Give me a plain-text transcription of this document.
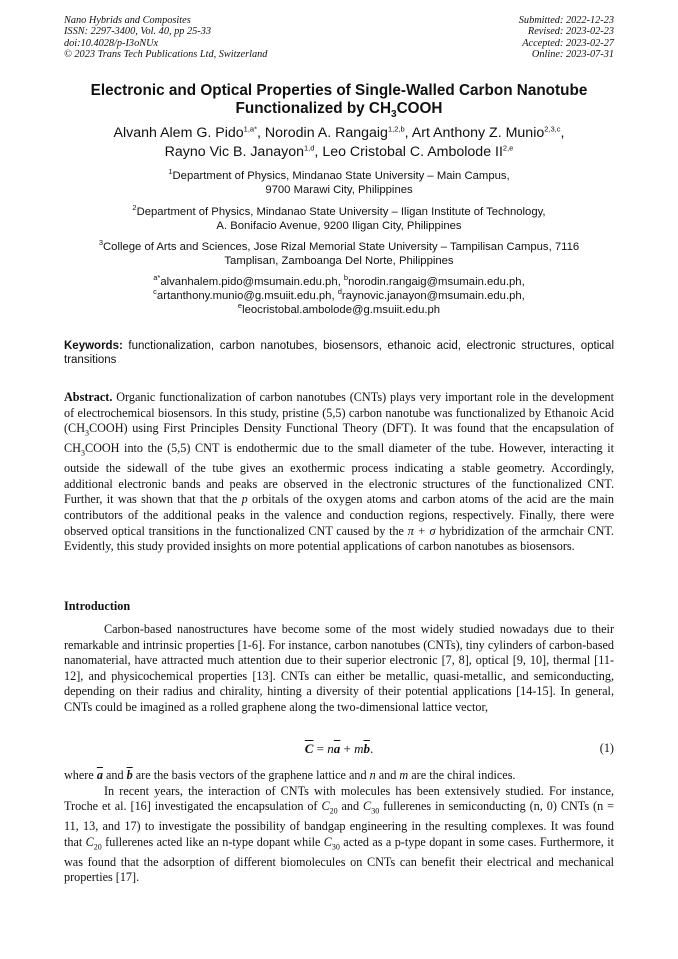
Nano Hybrids and Composites
ISSN: 2297-3400, Vol. 40, pp 25-33
doi:10.4028/p-I3oNUx
© 2023 Trans Tech Publications Ltd, Switzerland
Submitted: 2022-12-23
Revised: 2023-02-23
Accepted: 2023-02-27
Online: 2023-07-31
Electronic and Optical Properties of Single-Walled Carbon Nanotube
Functionalized by $CH_3COOH$
Alvanh Alem G. Pido$^{1,a*}$, Norodin A. Rangaig$^{1,2,b}$, Art Anthony Z. Munio$^{2,3,c}$,
Rayno Vic B. Janayon$^{1,d}$, Leo Cristobal C. Ambolode II$^{2,e}$
$^1$Department of Physics, Mindanao State University – Main Campus,
9700 Marawi City, Philippines
$^2$Department of Physics, Mindanao State University – Iligan Institute of Technology,
A. Bonifacio Avenue, 9200 Iligan City, Philippines
$^3$College of Arts and Sciences, Jose Rizal Memorial State University – Tampilisan Campus, 7116
Tamplisan, Zamboanga Del Norte, Philippines
$^{a*}$alvanhalem.pido@msumain.edu.ph, $^b$norodin.rangaig@msumain.edu.ph,
$^c$artanthony.munio@g.msuiit.edu.ph, $^d$raynovic.janayon@msumain.edu.ph,
$^e$leocristobal.ambolode@g.msuiit.edu.ph
Keywords: functionalization, carbon nanotubes, biosensors, ethanoic acid, electronic structures, optical transitions
Abstract. Organic functionalization of carbon nanotubes (CNTs) plays very important role in the development of electrochemical biosensors. In this study, pristine (5,5) carbon nanotube was functionalized by Ethanoic Acid $(CH_3COOH)$ using First Principles Density Functional Theory (DFT). It was found that the encapsulation of $CH_3COOH$ into the (5,5) CNT is endothermic due to the small diameter of the tube. However, interacting it outside the sidewall of the tube gives an exothermic process indicating a stable geometry. Accordingly, additional electronic bands and peaks are observed in the electronic structures of the functionalized CNT. Further, it was shown that that the p orbitals of the oxygen atoms and carbon atoms of the acid are the main contributors of the additional peaks in the valence and conduction regions, respectively. Finally, there were observed optical transitions in the functionalized CNT caused by the π + σ hybridization of the armchair CNT. Evidently, this study provided insights on more potential applications of carbon nanotubes as biosensors.
Introduction
Carbon-based nanostructures have become some of the most widely studied nowadays due to their remarkable and intrinsic properties [1-6]. For instance, carbon nanotubes (CNTs), tiny cylinders of carbon-based nanomaterial, have attracted much attention due to their superior electronic [7, 8], optical [9, 10], thermal [11-12], and physicochemical properties [13]. CNTs can either be metallic, quasi-metallic, and semiconducting, depending on their radius and chirality, hinting a diversity of their potential applications [14-15]. In general, CNTs could be imagined as a rolled graphene along the two-dimensional lattice vector,
$\overline{C} = n\overline{a} + m\overline{b}$.	(1)
where $\overline{a}$ and $\overline{b}$ are the basis vectors of the graphene lattice and n and m are the chiral indices.
In recent years, the interaction of CNTs with molecules has been extensively studied. For instance, Troche et al. [16] investigated the encapsulation of $C_{20}$ and $C_{30}$ fullerenes in semiconducting (n, 0) CNTs (n = 11, 13, and 17) to investigate the possibility of bandgap engineering in the resulting complexes. It was found that $C_{20}$ fullerenes acted like an n-type dopant while $C_{30}$ acted as a p-type dopant in some cases. Furthermore, it was found that the adsorption of different biomolecules on CNTs can benefit their electrical and mechanical properties [17].
